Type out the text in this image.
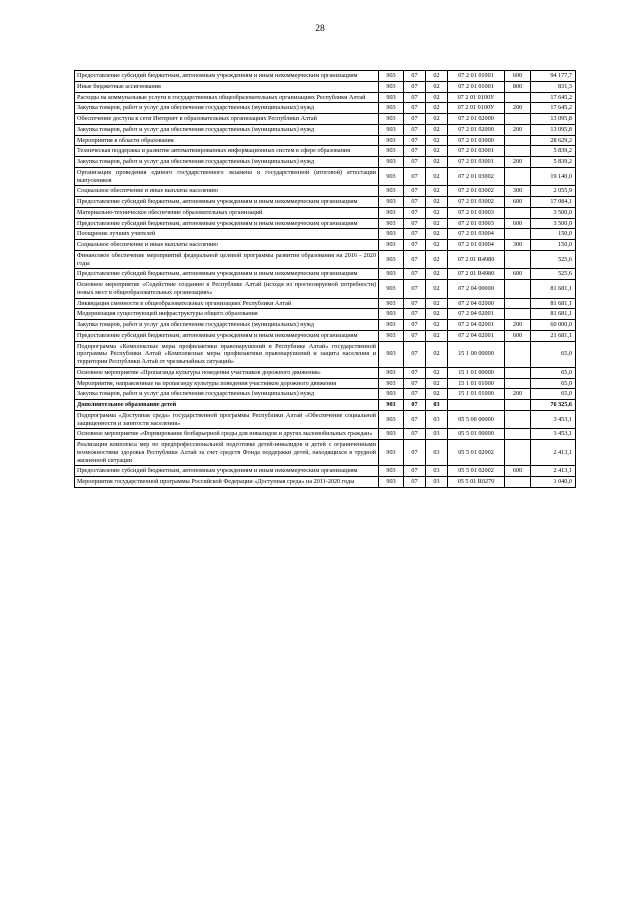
28
Предоставление субсидий бюджетным, автономным учреждениям и иным некоммерческим организациям	903	07	02	07 2 01 01001	600	94 177,7
Иные бюджетные ассигнования	903	07	02	07 2 01 01001	800	831,3
Расходы на коммунальные услуги в государственных общеобразовательных организациях Республики Алтай	903	07	02	07 2 01 0100У		17 645,2
Закупка товаров, работ и услуг для обеспечения государственных (муниципальных) нужд	903	07	02	07 2 01 0100У	200	17 645,2
Обеспечение доступа к сети Интернет в образовательных организациях Республики Алтай	903	07	02	07 2 01 02000		13 095,8
Закупка товаров, работ и услуг для обеспечения государственных (муниципальных) нужд	903	07	02	07 2 01 02000	200	13 095,8
Мероприятия в области образования	903	07	02	07 2 01 03000		28 629,2
Техническая поддержка и развитие автоматизированных информационных систем в сфере образования	903	07	02	07 2 01 03001		5 839,2
Закупка товаров, работ и услуг для обеспечения государственных (муниципальных) нужд	903	07	02	07 2 01 03001	200	5 839,2
Организация проведения единого государственного экзамена и государственной (итоговой) аттестации выпускников	903	07	02	07 2 01 03002		19 140,0
Социальное обеспечение и иные выплаты населению	903	07	02	07 2 01 03002	300	2 055,9
Предоставление субсидий бюджетным, автономным учреждениям и иным некоммерческим организациям	903	07	02	07 2 01 03002	600	17 084,1
Материально-техническое обеспечение образовательных организаций	903	07	02	07 2 01 03003		3 500,0
Предоставление субсидий бюджетным, автономным учреждениям и иным некоммерческим организациям	903	07	02	07 2 01 03003	600	3 500,0
Поощрение лучших учителей	903	07	02	07 2 01 03004		150,0
Социальное обеспечение и иные выплаты населению	903	07	02	07 2 01 03004	300	150,0
Финансовое обеспечение мероприятий федеральной целевой программы развития образования на 2016 - 2020 годы	903	07	02	07 2 01 R4980		525,6
Предоставление субсидий бюджетным, автономным учреждениям и иным некоммерческим организациям	903	07	02	07 2 01 R4980	600	525,6
Основное мероприятие «Содействие созданию в Республике Алтай (исходя из прогнозируемой потребности) новых мест в общеобразовательных организациях»	903	07	02	07 2 04 00000		81 681,1
Ликвидация сменности в общеобразовательных организациях Республики Алтай	903	07	02	07 2 04 02000		81 681,1
Модернизация существующей инфраструктуры общего образования	903	07	02	07 2 04 02001		81 681,1
Закупка товаров, работ и услуг для обеспечения государственных (муниципальных) нужд	903	07	02	07 2 04 02001	200	60 000,0
Предоставление субсидий бюджетным, автономным учреждениям и иным некоммерческим организациям	903	07	02	07 2 04 02001	600	21 681,1
Подпрограмма «Комплексные меры профилактики правонарушений в Республике Алтай» государственной программы Республики Алтай «Комплексные меры профилактики правонарушений и защита населения и территории Республики Алтай от чрезвычайных ситуаций»	903	07	02	15 1 00 00000		65,0
Основное мероприятие «Пропаганда культуры поведения участников дорожного движения»	903	07	02	15 1 01 00000		65,0
Мероприятия, направленные на пропаганду культуры поведения участников дорожного движения	903	07	02	15 1 01 01000		65,0
Закупка товаров, работ и услуг для обеспечения государственных (муниципальных) нужд	903	07	02	15 1 01 01000	200	65,0
Дополнительное образование детей	903	07	03			76 325,6
Подпрограмма «Доступная среда» государственной программы Республики Алтай «Обеспечение социальной защищенности и занятости населения»	903	07	03	05 5 00 00000		3 453,1
Основное мероприятие «Формирование безбарьерной среды для инвалидов и других маломобильных граждан»	903	07	03	05 5 01 00000		3 453,1
Реализация комплекса мер по предпрофессиональной подготовке детей-инвалидов и детей с ограниченными возможностями здоровья Республики Алтай за счет средств Фонда поддержки детей, находящихся в трудной жизненной ситуации	903	07	03	05 5 01 02002		2 413,1
Предоставление субсидий бюджетным, автономным учреждениям и иным некоммерческим организациям	903	07	03	05 5 01 02002	600	2 413,1
Мероприятия государственной программы Российской Федерации «Доступная среда» на 2011-2020 годы	903	07	03	05 5 01 R0270		1 040,0
